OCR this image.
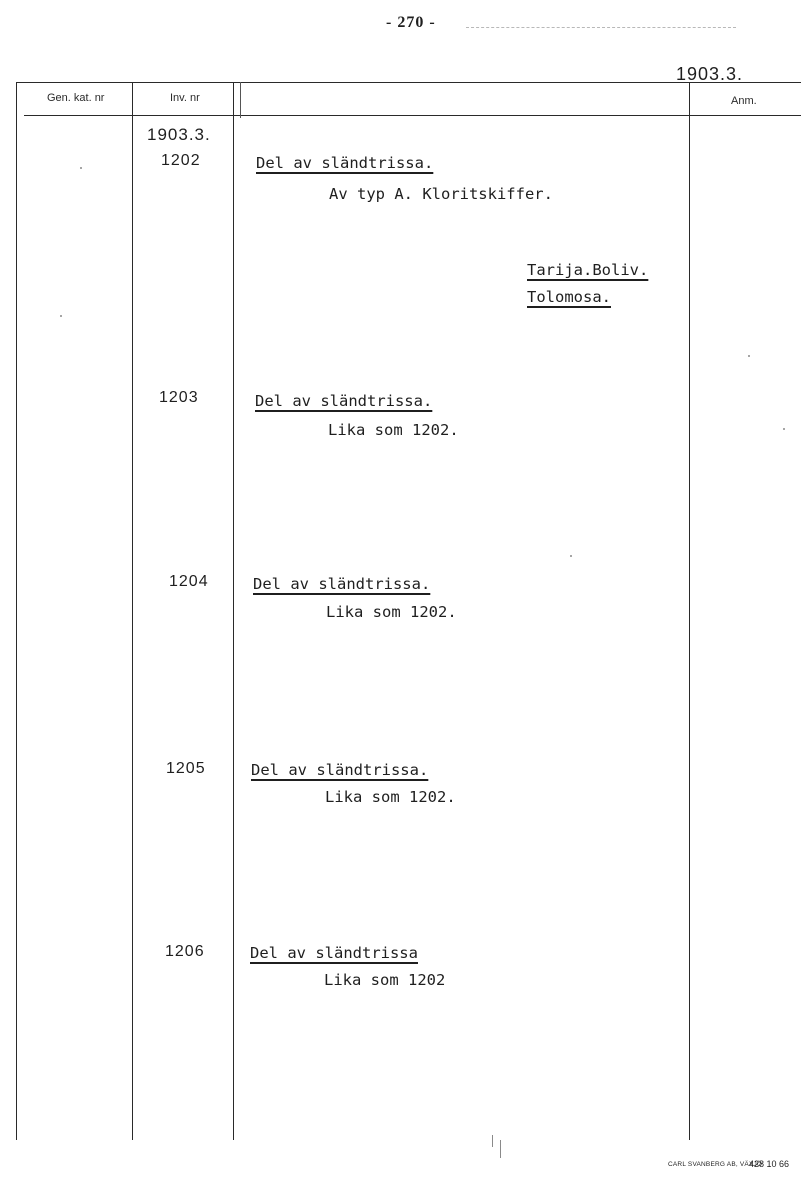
- 270 -
1903.3.
Gen. kat. nr	Inv. nr	Anm.
1903.3.
1202	Del av sländtrissa.
Av typ A. Kloritskiffer.
Tarija.Boliv.
Tolomosa.
1203	Del av sländtrissa.
Lika som 1202.
1204	Del av sländtrissa.
Lika som 1202.
1205	Del av sländtrissa.
Lika som 1202.
1206	Del av sländtrissa
Lika som 1202
CARL SVANBERG AB, VÄXJÖ
428 10 66
